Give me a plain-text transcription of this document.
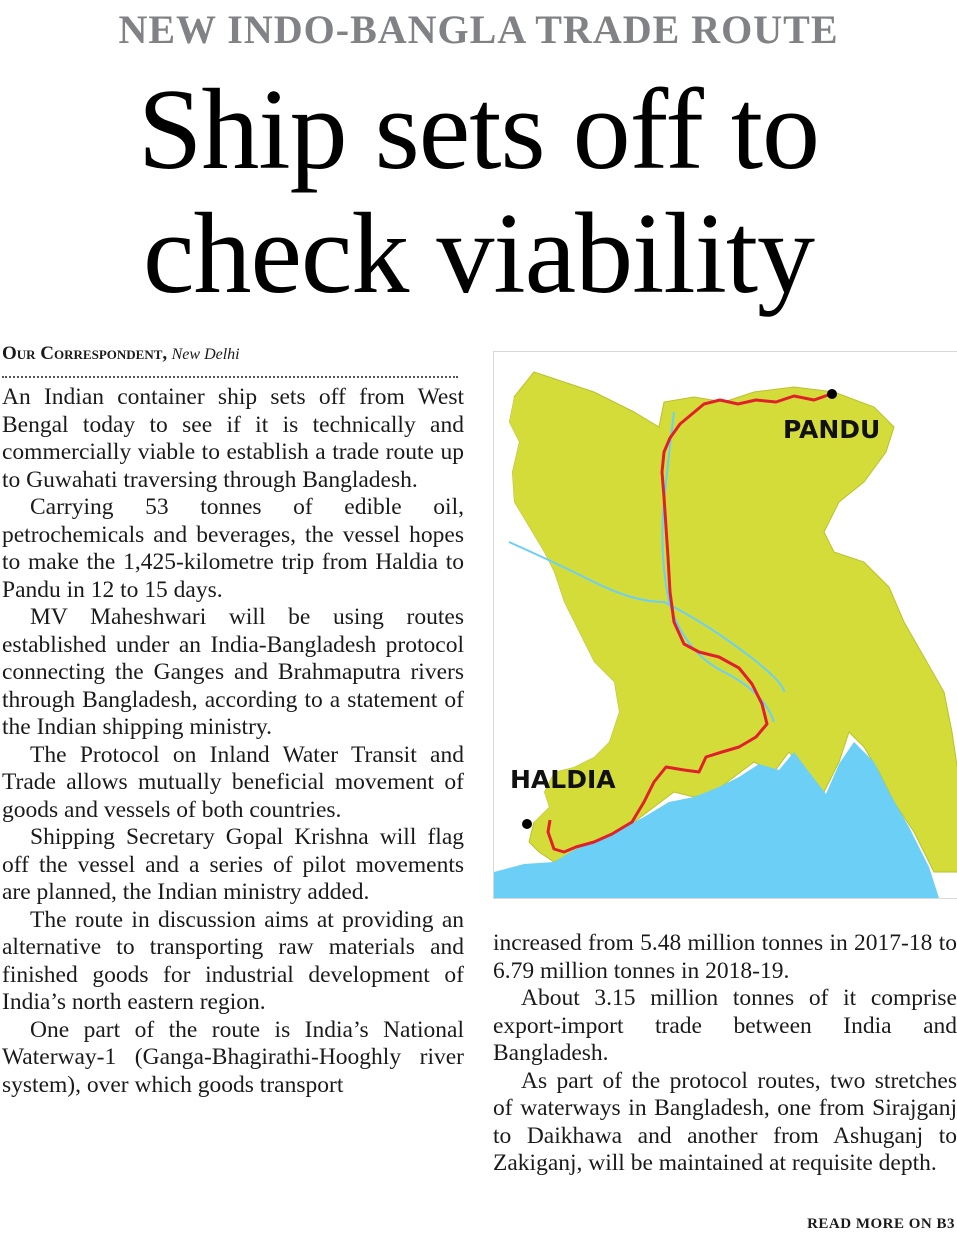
NEW INDO-BANGLA TRADE ROUTE
Ship sets off to
check viability
Our Correspondent, New Delhi

An Indian container ship sets off from West Bengal today to see if it is technically and commercially viable to establish a trade route up to Guwahati traversing through Bangladesh.

Carrying 53 tonnes of edible oil, petrochemicals and beverages, the vessel hopes to make the 1,425-kilometre trip from Haldia to Pandu in 12 to 15 days.

MV Maheshwari will be using routes established under an India-Bangladesh protocol connecting the Ganges and Brahmaputra rivers through Bangladesh, according to a statement of the Indian shipping ministry.

The Protocol on Inland Water Transit and Trade allows mutually beneficial movement of goods and vessels of both countries.

Shipping Secretary Gopal Krishna will flag off the vessel and a series of pilot movements are planned, the Indian ministry added.

The route in discussion aims at providing an alternative to transporting raw materials and finished goods for industrial development of India’s north eastern region.

One part of the route is India’s National Waterway-1 (Ganga-Bhagirathi-Hooghly river system), over which goods transport

PANDU
HALDIA

increased from 5.48 million tonnes in 2017-18 to 6.79 million tonnes in 2018-19.

About 3.15 million tonnes of it comprise export-import trade between India and Bangladesh.

As part of the protocol routes, two stretches of waterways in Bangladesh, one from Sirajganj to Daikhawa and another from Ashuganj to Zakiganj, will be maintained at requisite depth.

READ MORE ON B3
